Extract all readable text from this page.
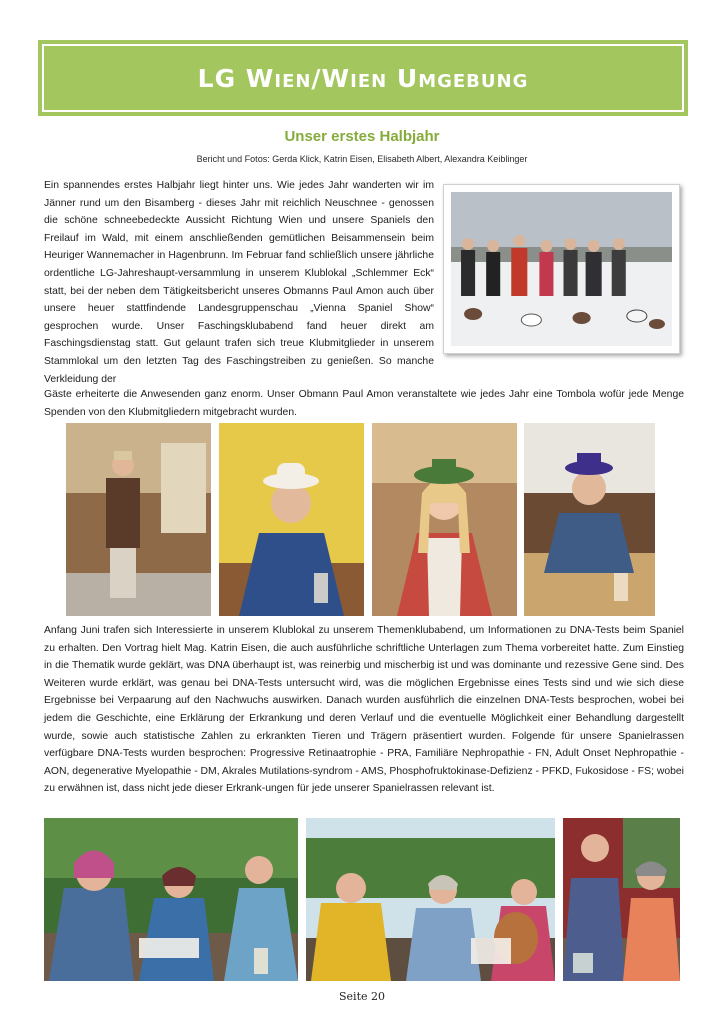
LG Wien/Wien Umgebung
Unser erstes Halbjahr
Bericht und Fotos: Gerda Klick, Katrin Eisen, Elisabeth Albert, Alexandra Keiblinger

Ein spannendes erstes Halbjahr liegt hinter uns. Wie jedes Jahr wanderten wir im Jänner rund um den Bisamberg - dieses Jahr mit reichlich Neuschnee - genossen die schöne schneebedeckte Aussicht Richtung Wien und unsere Spaniels den Freilauf im Wald, mit einem anschließenden gemütlichen Beisammensein beim Heuriger Wannemacher in Hagenbrunn. Im Februar fand schließlich unsere jährliche ordentliche LG-Jahreshaupt-versammlung in unserem Klublokal „Schlemmer Eck“ statt, bei der neben dem Tätigkeitsbericht unseres Obmanns Paul Amon auch über unsere heuer stattfindende Landesgruppenschau „Vienna Spaniel Show“ gesprochen wurde. Unser Faschingsklubabend fand heuer direkt am Faschingsdienstag statt. Gut gelaunt trafen sich treue Klubmitglieder in unserem Stammlokal um den letzten Tag des Faschingstreiben zu genießen. So manche Verkleidung der

Gäste erheiterte die Anwesenden ganz enorm. Unser Obmann Paul Amon veranstaltete wie jedes Jahr eine Tombola wofür jede Menge Spenden von den Klubmitgliedern mitgebracht wurden.

Anfang Juni trafen sich Interessierte in unserem Klublokal zu unserem Themenklubabend, um Informationen zu DNA-Tests beim Spaniel zu erhalten. Den Vortrag hielt Mag. Katrin Eisen, die auch ausführliche schriftliche Unterlagen zum Thema vorbereitet hatte. Zum Einstieg in die Thematik wurde geklärt, was DNA überhaupt ist, was reinerbig und mischerbig ist und was dominante und rezessive Gene sind. Des Weiteren wurde erklärt, was genau bei DNA-Tests untersucht wird, was die möglichen Ergebnisse eines Tests sind und wie sich diese Ergebnisse bei Verpaarung auf den Nachwuchs auswirken. Danach wurden ausführlich die einzelnen DNA-Tests besprochen, wobei bei jedem die Geschichte, eine Erklärung der Erkrankung und deren Verlauf und die eventuelle Möglichkeit einer Behandlung dargestellt wurde, sowie auch statistische Zahlen zu erkrankten Tieren und Trägern präsentiert wurden. Folgende für unsere Spanielrassen verfügbare DNA-Tests wurden besprochen: Progressive Retinaatrophie - PRA, Familiäre Nephropathie - FN, Adult Onset Nephropathie - AON, degenerative Myelopathie - DM, Akrales Mutilations-syndrom - AMS, Phosphofruktokinase-Defizienz - PFKD, Fukosidose - FS; wobei zu erwähnen ist, dass nicht jede dieser Erkrank-ungen für jede unserer Spanielrassen relevant ist.

Seite 20
